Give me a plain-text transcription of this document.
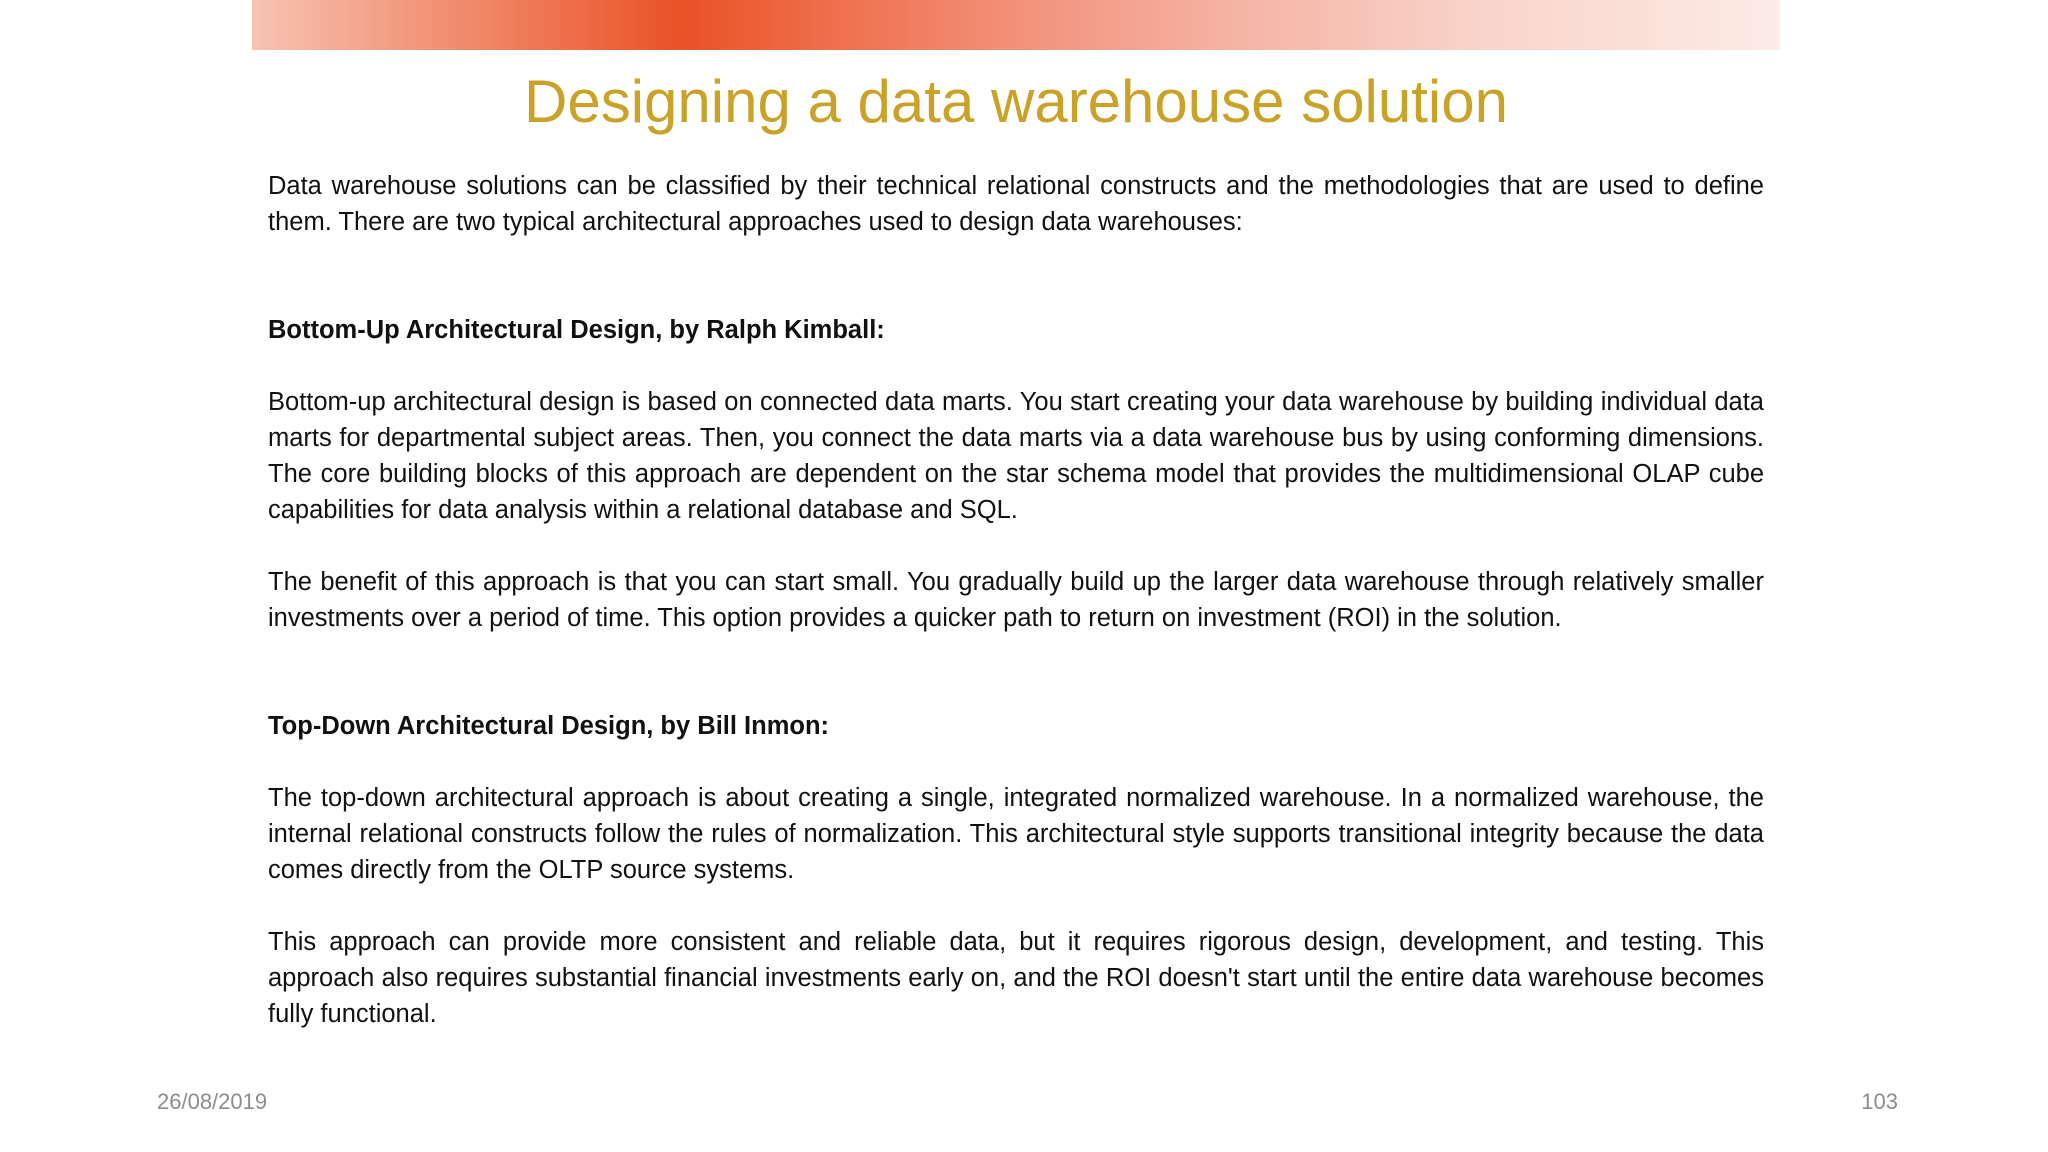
Designing a data warehouse solution

Data warehouse solutions can be classified by their technical relational constructs and the methodologies that are used to define them. There are two typical architectural approaches used to design data warehouses:

Bottom-Up Architectural Design, by Ralph Kimball:

Bottom-up architectural design is based on connected data marts. You start creating your data warehouse by building individual data marts for departmental subject areas. Then, you connect the data marts via a data warehouse bus by using conforming dimensions. The core building blocks of this approach are dependent on the star schema model that provides the multidimensional OLAP cube capabilities for data analysis within a relational database and SQL.

The benefit of this approach is that you can start small. You gradually build up the larger data warehouse through relatively smaller investments over a period of time. This option provides a quicker path to return on investment (ROI) in the solution.

Top-Down Architectural Design, by Bill Inmon:

The top-down architectural approach is about creating a single, integrated normalized warehouse. In a normalized warehouse, the internal relational constructs follow the rules of normalization. This architectural style supports transitional integrity because the data comes directly from the OLTP source systems.

This approach can provide more consistent and reliable data, but it requires rigorous design, development, and testing. This approach also requires substantial financial investments early on, and the ROI doesn't start until the entire data warehouse becomes fully functional.

26/08/2019	103
